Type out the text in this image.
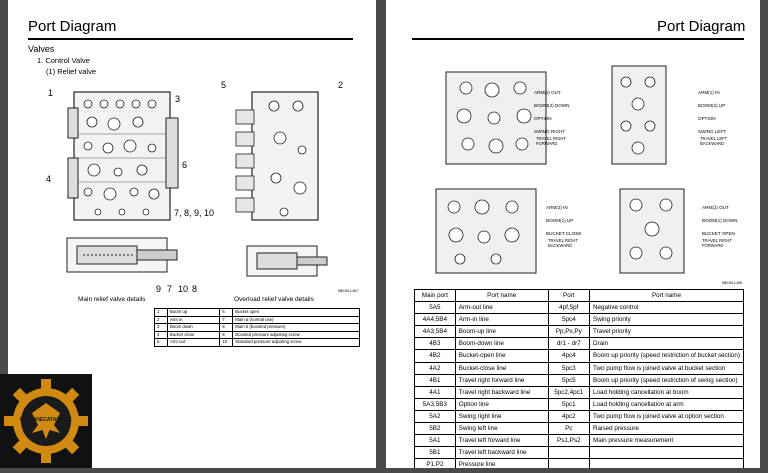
Port Diagram
Valves
1. Control Valve
(1) Relief valve
1
3
4
6
5	2
7, 8, 9, 10
9 7 10 8	9BXH01-457
Main relief valve details	Overload relief valve details
1	Boom up	6	Bucket open
2	Arm in	7	Main a (normal use)
3	Boom down	8	Main b (boosted pressure)
4	Bucket close	9	Boosted pressure adjusting screw
5	Arm out	10	Standard pressure adjusting screw
Port Diagram
ARM(1) OUT
BOOM(2) DOWN
OPTION
SWING RIGHT
TRAVEL RIGHT FORWARD
ARM(1) IN
BOOM(2) UP
OPTION
SWING LEFT
TRAVEL LEFT BACKWARD
ARM(2) IN
BOOM(1) UP
BUCKET CLOSE
TRAVEL RIGHT BACKWARD
ARM(2) OUT
BOOM(1) DOWN
BUCKET OPEN
TRAVEL RIGHT FORWARD
9BXH01-458
Main port	Port name	Port	Port name
5A5	Arm-out line	4pf,5pf	Negative control
4A4,5B4	Arm-in line	5pc4	Swing priority
4A3,5B4	Boom-up line	Pp,Px,Py	Travel priority
4B3	Boom-down line	dr1 - dr7	Drain
4B2	Bucket-open line	4pc4	Boom up priority (speed restriction of bucket section)
4A2	Bucket-close line	5pc3	Two pump flow is joined valve at bucket section
4B1	Travel right forward line	5pc5	Boom up priority (speed restriction of swing section)
4A1	Travel right backward line	5pc2,4pc1	Load holding cancellation at boom
5A3,5B3	Option line	5pc1	Load holding cancellation at arm
5A2	Swing right line	4pc2	Two pump flow is joined valve at option section
5B2	Swing left line	Pc	Raised pressure
5A1	Travel left forward line	Ps1,Ps2	Main pressure measurement
5B1	Travel left backward line		
P1,P2	Pressure line		
MACHINECATALOGIC
